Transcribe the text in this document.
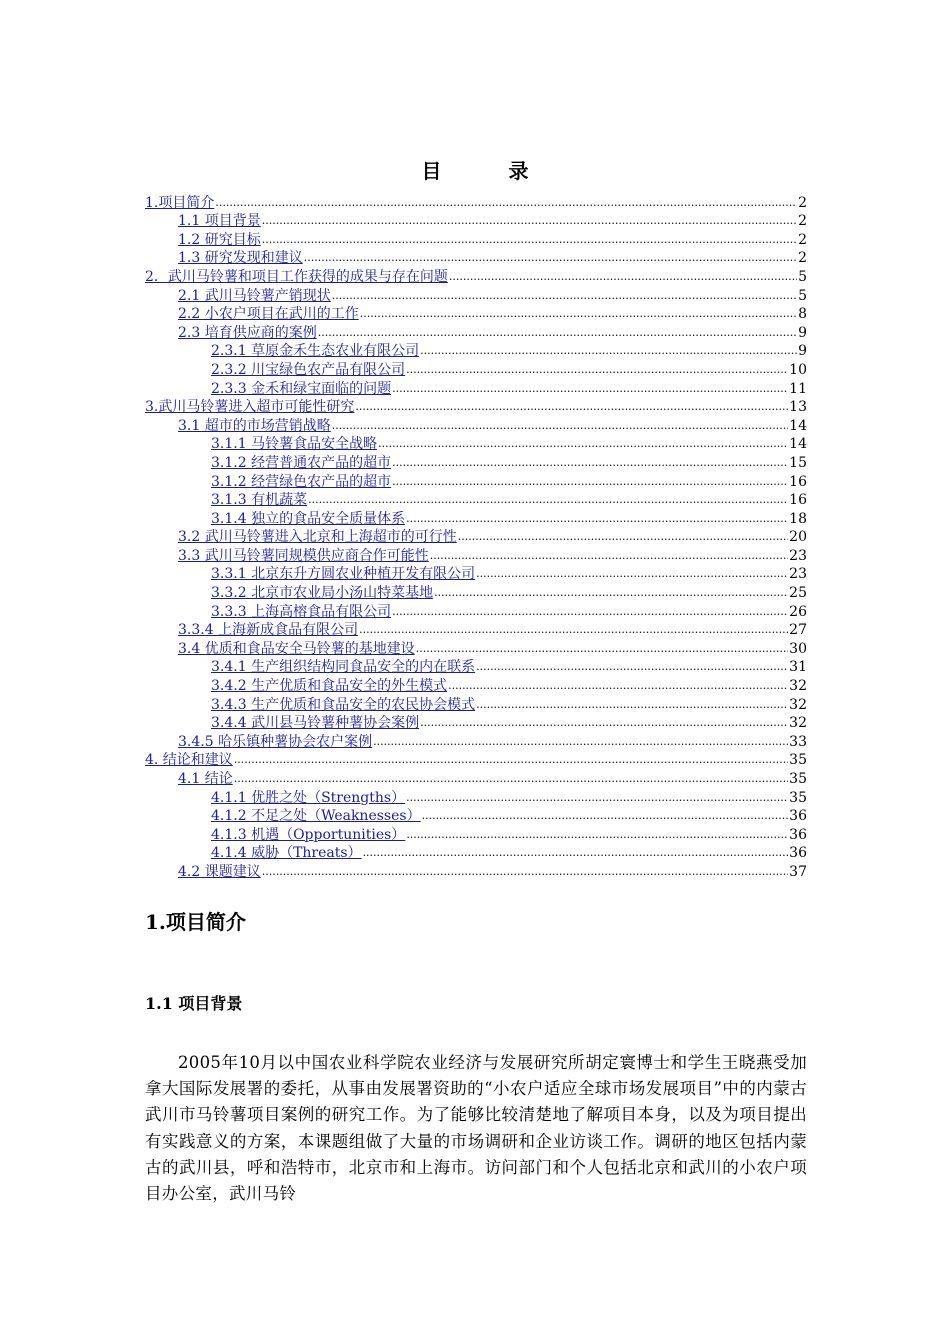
目 录
1.项目简介 .....	2
1.1 项目背景 .....	2
1.2 研究目标 .....	2
1.3 研究发现和建议 .....	2
2．武川马铃薯和项目工作获得的成果与存在问题 .....	5
2.1 武川马铃薯产销现状 .....	5
2.2 小农户项目在武川的工作 .....	8
2.3 培育供应商的案例 .....	9
2.3.1 草原金禾生态农业有限公司 .....	9
2.3.2 川宝绿色农产品有限公司 .....	10
2.3.3 金禾和绿宝面临的问题 .....	11
3.武川马铃薯进入超市可能性研究 .....	13
3.1 超市的市场营销战略 .....	14
3.1.1 马铃薯食品安全战略 .....	14
3.1.2 经营普通农产品的超市 .....	15
3.1.2 经营绿色农产品的超市 .....	16
3.1.3 有机蔬菜 .....	16
3.1.4 独立的食品安全质量体系 .....	18
3.2 武川马铃薯进入北京和上海超市的可行性 .....	20
3.3 武川马铃薯同规模供应商合作可能性 .....	23
3.3.1 北京东升方圆农业种植开发有限公司 .....	23
3.3.2 北京市农业局小汤山特菜基地 .....	25
3.3.3 上海高榕食品有限公司 .....	26
3.3.4 上海新成食品有限公司 .....	27
3.4 优质和食品安全马铃薯的基地建设 .....	30
3.4.1 生产组织结构同食品安全的内在联系 .....	31
3.4.2 生产优质和食品安全的外生模式 .....	32
3.4.3 生产优质和食品安全的农民协会模式 .....	32
3.4.4 武川县马铃薯种薯协会案例 .....	32
3.4.5 哈乐镇种薯协会农户案例 .....	33
4. 结论和建议 .....	35
4.1 结论 .....	35
4.1.1 优胜之处（Strengths） .....	35
4.1.2 不足之处（Weaknesses） .....	36
4.1.3 机遇（Opportunities） .....	36
4.1.4 威胁（Threats） .....	36
4.2 课题建议 .....	37
1.项目简介
1.1 项目背景
2005年10月以中国农业科学院农业经济与发展研究所胡定寰博士和学生王晓燕受加拿大国际发展署的委托，从事由发展署资助的“小农户适应全球市场发展项目”中的内蒙古武川市马铃薯项目案例的研究工作。为了能够比较清楚地了解项目本身，以及为项目提出有实践意义的方案，本课题组做了大量的市场调研和企业访谈工作。调研的地区包括内蒙古的武川县，呼和浩特市，北京市和上海市。访问部门和个人包括北京和武川的小农户项目办公室，武川马铃
